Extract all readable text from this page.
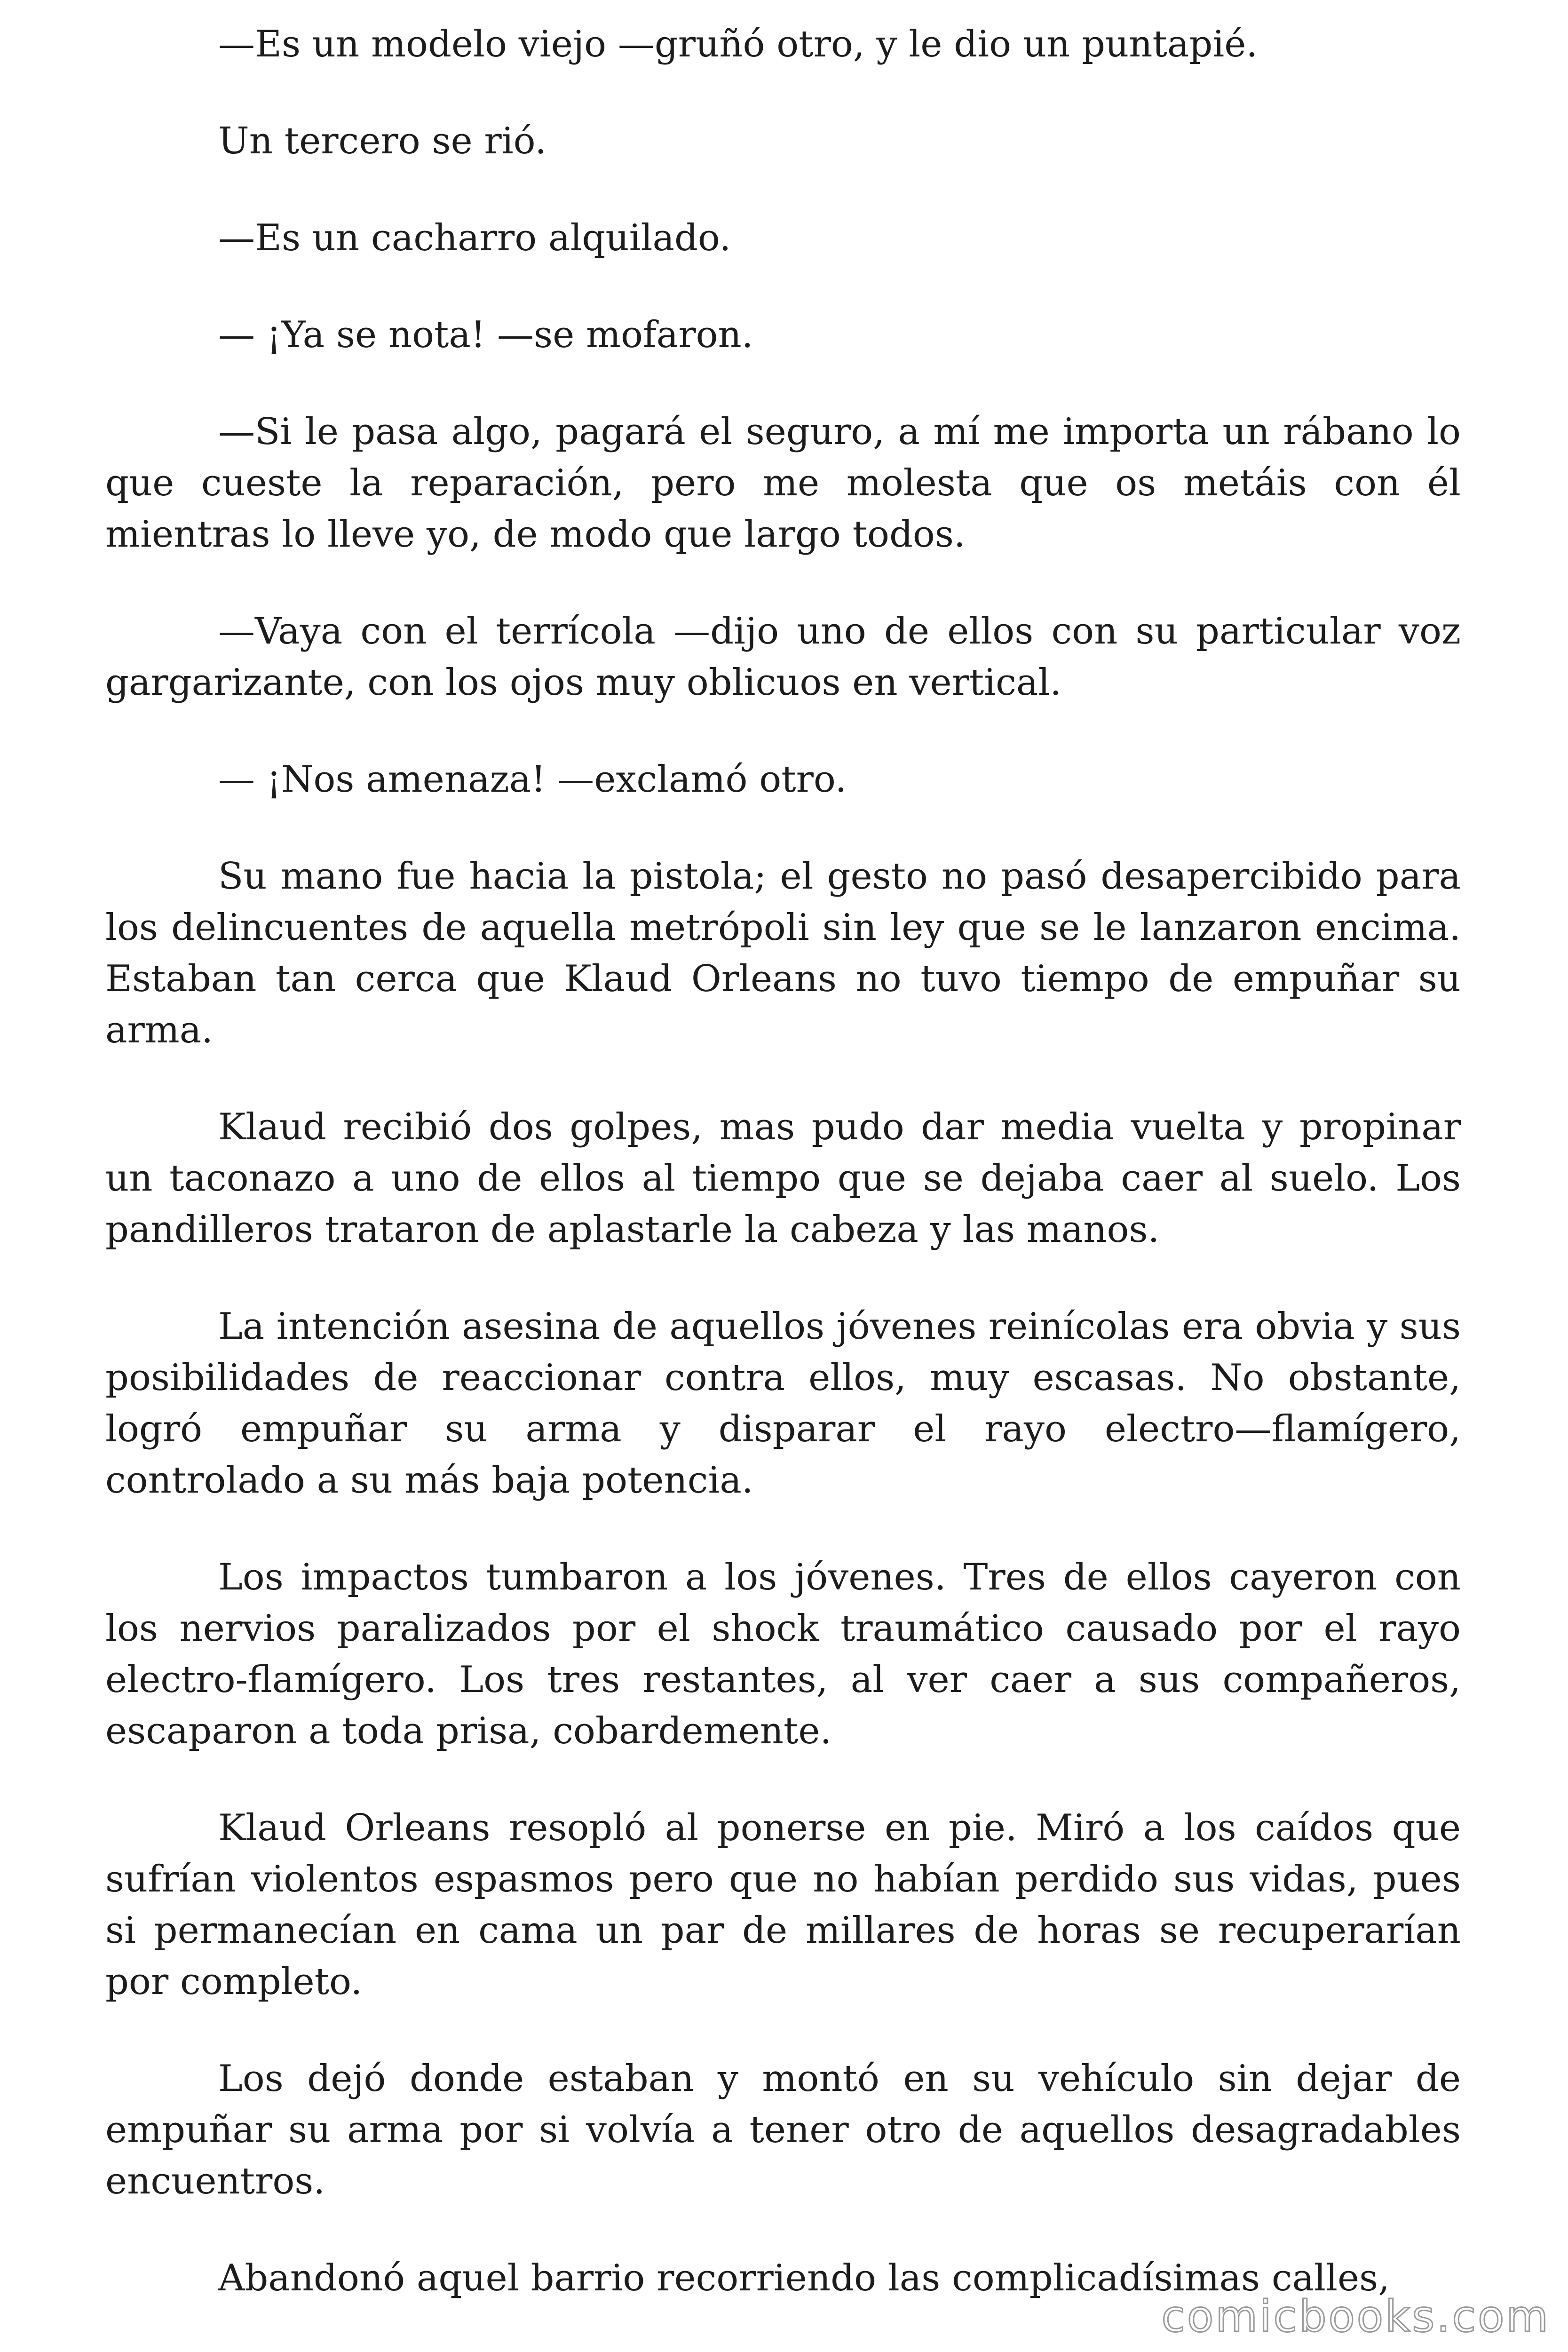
—Es un modelo viejo —gruñó otro, y le dio un puntapié.

Un tercero se rió.

—Es un cacharro alquilado.

— ¡Ya se nota! —se mofaron.

—Si le pasa algo, pagará el seguro, a mí me importa un rábano lo que cueste la reparación, pero me molesta que os metáis con él mientras lo lleve yo, de modo que largo todos.

—Vaya con el terrícola —dijo uno de ellos con su particular voz gargarizante, con los ojos muy oblicuos en vertical.

— ¡Nos amenaza! —exclamó otro.

Su mano fue hacia la pistola; el gesto no pasó desapercibido para los delincuentes de aquella metrópoli sin ley que se le lanzaron encima. Estaban tan cerca que Klaud Orleans no tuvo tiempo de empuñar su arma.

Klaud recibió dos golpes, mas pudo dar media vuelta y propinar un taconazo a uno de ellos al tiempo que se dejaba caer al suelo. Los pandilleros trataron de aplastarle la cabeza y las manos.

La intención asesina de aquellos jóvenes reinícolas era obvia y sus posibilidades de reaccionar contra ellos, muy escasas. No obstante, logró empuñar su arma y disparar el rayo electro—flamígero, controlado a su más baja potencia.

Los impactos tumbaron a los jóvenes. Tres de ellos cayeron con los nervios paralizados por el shock traumático causado por el rayo electro-flamígero. Los tres restantes, al ver caer a sus compañeros, escaparon a toda prisa, cobardemente.

Klaud Orleans resopló al ponerse en pie. Miró a los caídos que sufrían violentos espasmos pero que no habían perdido sus vidas, pues si permanecían en cama un par de millares de horas se recuperarían por completo.

Los dejó donde estaban y montó en su vehículo sin dejar de empuñar su arma por si volvía a tener otro de aquellos desagradables encuentros.

Abandonó aquel barrio recorriendo las complicadísimas calles,

comicbooks.com
